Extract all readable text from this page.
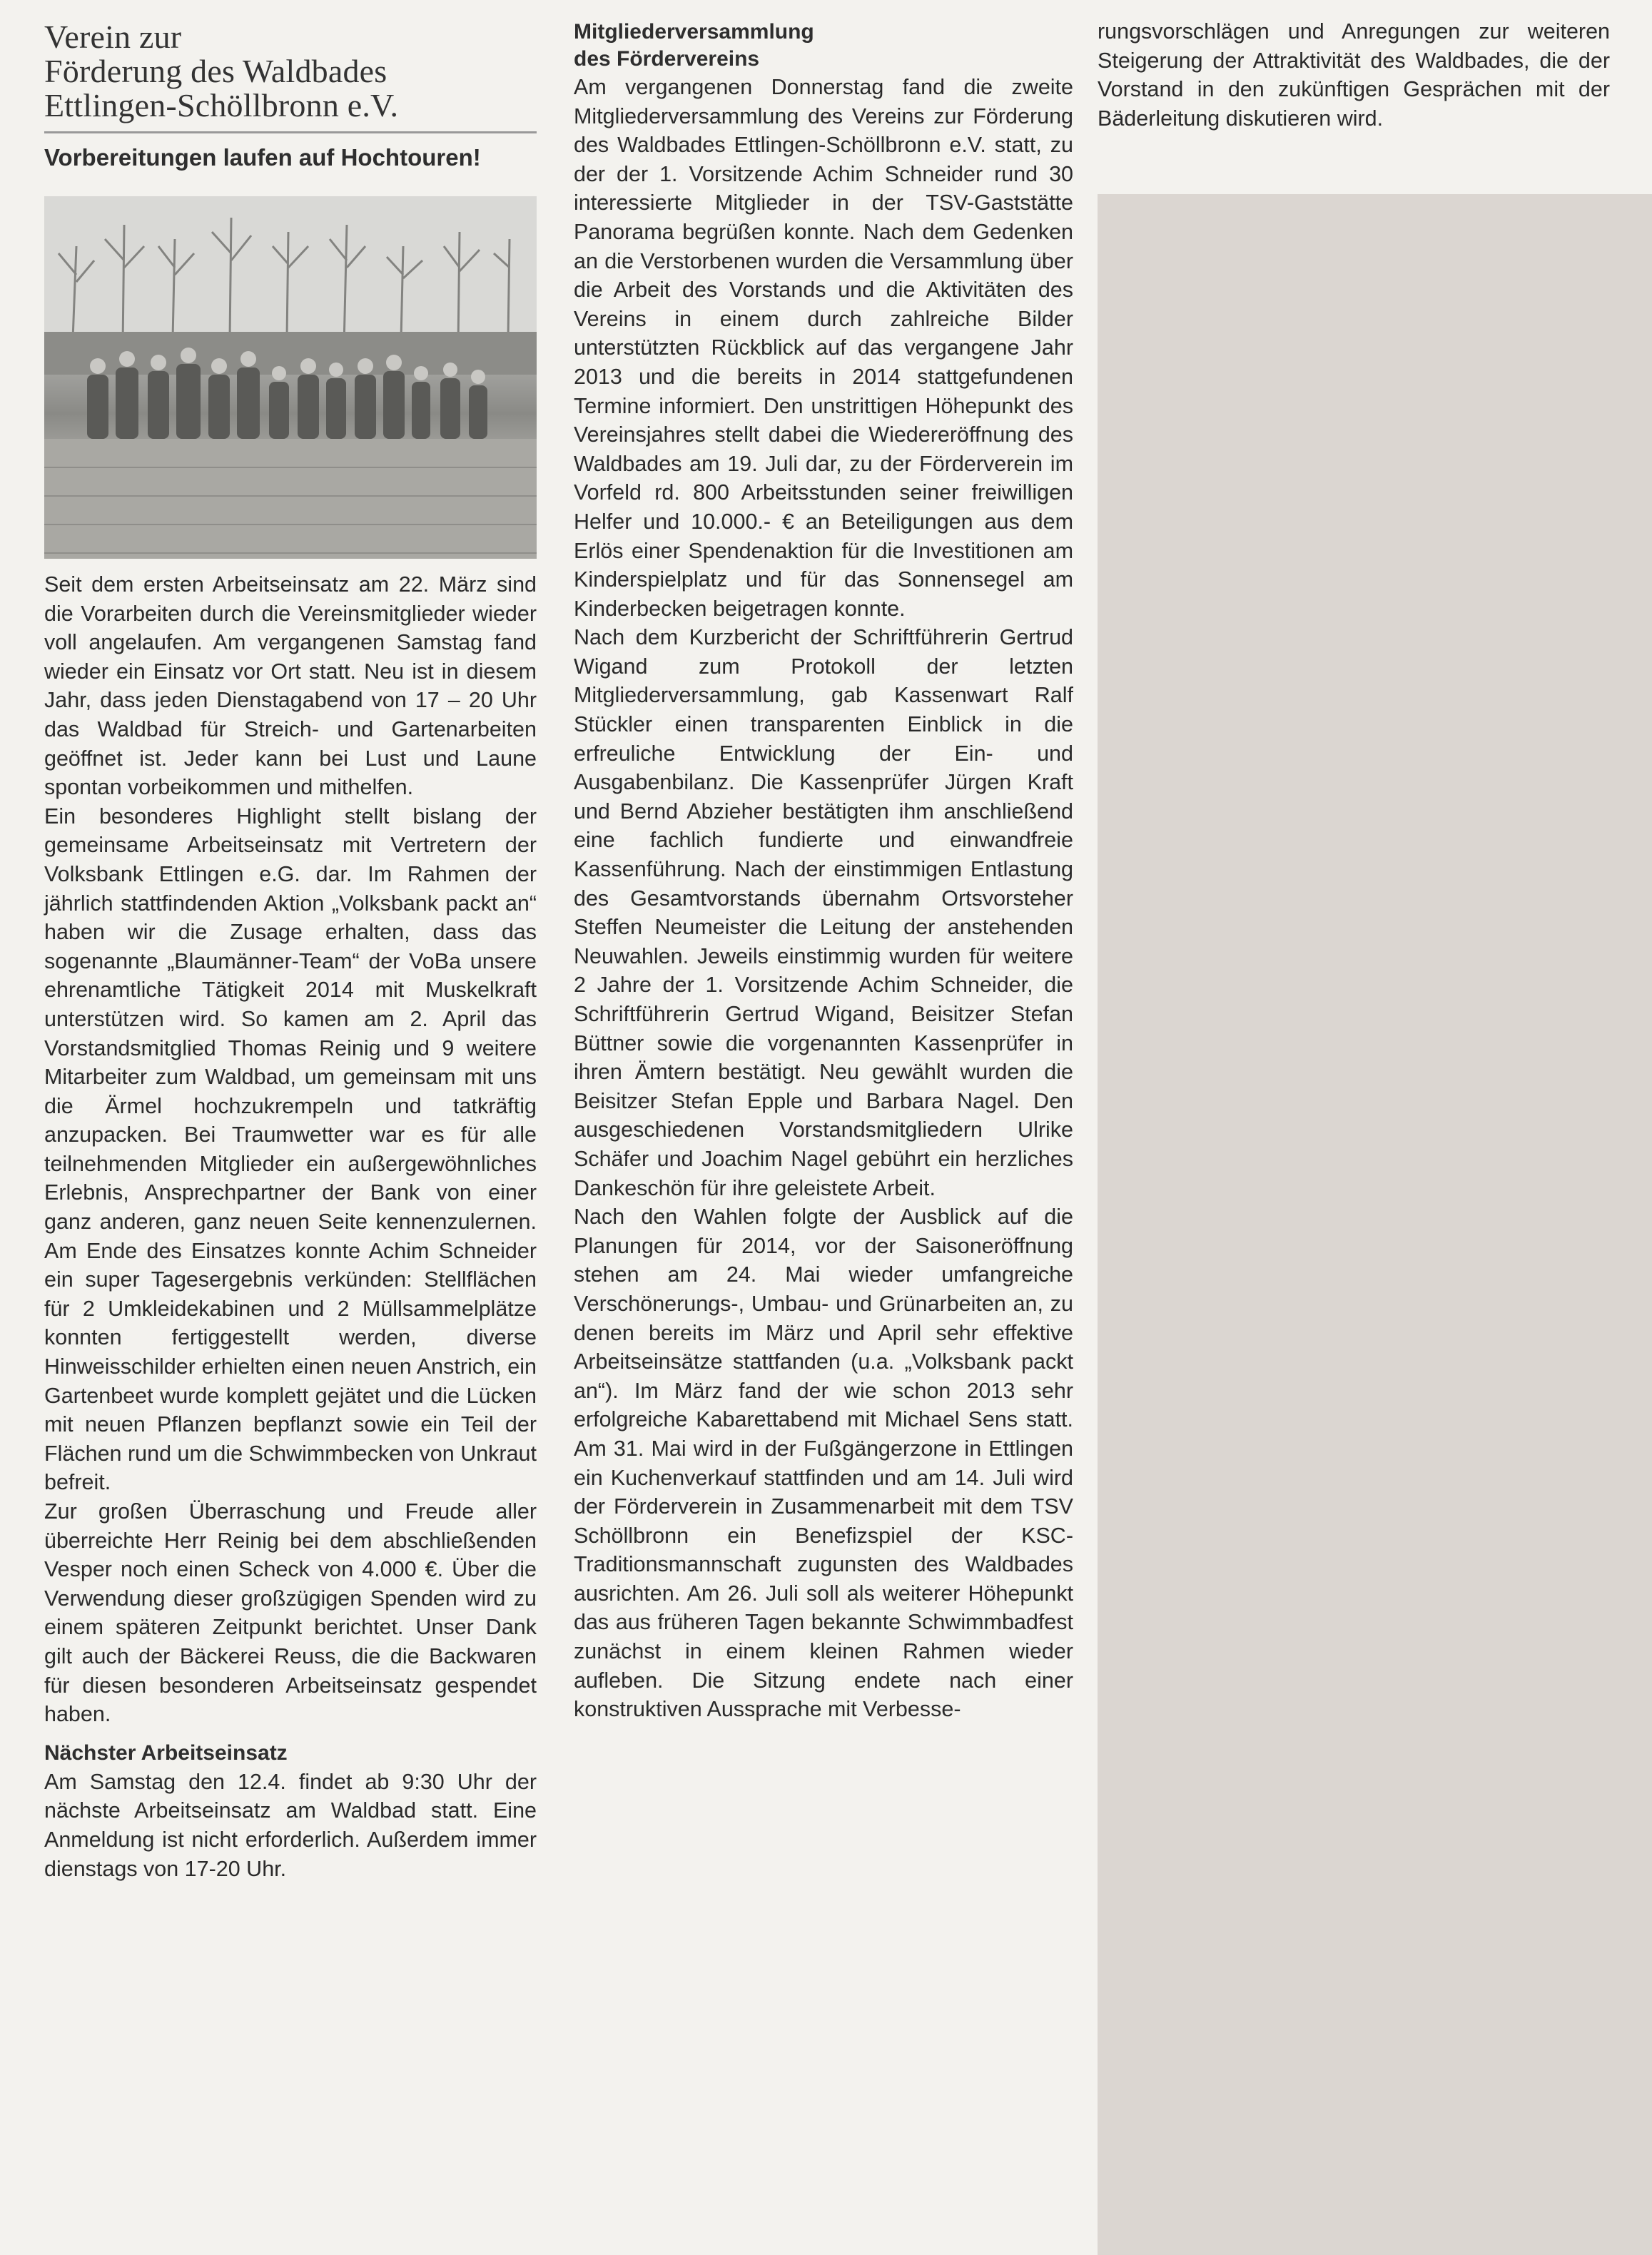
Verein zur
Förderung des Waldbades
Ettlingen-Schöllbronn e.V.
Vorbereitungen laufen auf Hochtouren!

Seit dem ersten Arbeitseinsatz am 22. März sind die Vorarbeiten durch die Vereinsmitglieder wieder voll angelaufen. Am vergangenen Samstag fand wieder ein Einsatz vor Ort statt. Neu ist in diesem Jahr, dass jeden Dienstagabend von 17 – 20 Uhr das Waldbad für Streich- und Gartenarbeiten geöffnet ist. Jeder kann bei Lust und Laune spontan vorbeikommen und mithelfen.

Ein besonderes Highlight stellt bislang der gemeinsame Arbeitseinsatz mit Vertretern der Volksbank Ettlingen e.G. dar. Im Rahmen der jährlich stattfindenden Aktion „Volksbank packt an“ haben wir die Zusage erhalten, dass das sogenannte „Blaumänner-Team“ der VoBa unsere ehrenamtliche Tätigkeit 2014 mit Muskelkraft unterstützen wird. So kamen am 2. April das Vorstandsmitglied Thomas Reinig und 9 weitere Mitarbeiter zum Waldbad, um gemeinsam mit uns die Ärmel hochzukrempeln und tatkräftig anzupacken. Bei Traumwetter war es für alle teilnehmenden Mitglieder ein außergewöhnliches Erlebnis, Ansprechpartner der Bank von einer ganz anderen, ganz neuen Seite kennenzulernen. Am Ende des Einsatzes konnte Achim Schneider ein super Tagesergebnis verkünden: Stellflächen für 2 Umkleidekabinen und 2 Müllsammelplätze konnten fertiggestellt werden, diverse Hinweisschilder erhielten einen neuen Anstrich, ein Gartenbeet wurde komplett gejätet und die Lücken mit neuen Pflanzen bepflanzt sowie ein Teil der Flächen rund um die Schwimmbecken von Unkraut befreit.

Zur großen Überraschung und Freude aller überreichte Herr Reinig bei dem abschließenden Vesper noch einen Scheck von 4.000 €. Über die Verwendung dieser großzügigen Spenden wird zu einem späteren Zeitpunkt berichtet. Unser Dank gilt auch der Bäckerei Reuss, die die Backwaren für diesen besonderen Arbeitseinsatz gespendet haben.

Nächster Arbeitseinsatz

Am Samstag den 12.4. findet ab 9:30 Uhr der nächste Arbeitseinsatz am Waldbad statt. Eine Anmeldung ist nicht erforderlich. Außerdem immer dienstags von 17-20 Uhr.

Mitgliederversammlung
des Fördervereins

Am vergangenen Donnerstag fand die zweite Mitgliederversammlung des Vereins zur Förderung des Waldbades Ettlingen-Schöllbronn e.V. statt, zu der der 1. Vorsitzende Achim Schneider rund 30 interessierte Mitglieder in der TSV-Gaststätte Panorama begrüßen konnte. Nach dem Gedenken an die Verstorbenen wurden die Versammlung über die Arbeit des Vorstands und die Aktivitäten des Vereins in einem durch zahlreiche Bilder unterstützten Rückblick auf das vergangene Jahr 2013 und die bereits in 2014 stattgefundenen Termine informiert. Den unstrittigen Höhepunkt des Vereinsjahres stellt dabei die Wiedereröffnung des Waldbades am 19. Juli dar, zu der Förderverein im Vorfeld rd. 800 Arbeitsstunden seiner freiwilligen Helfer und 10.000.- € an Beteiligungen aus dem Erlös einer Spendenaktion für die Investitionen am Kinderspielplatz und für das Sonnensegel am Kinderbecken beigetragen konnte.

Nach dem Kurzbericht der Schriftführerin Gertrud Wigand zum Protokoll der letzten Mitgliederversammlung, gab Kassenwart Ralf Stückler einen transparenten Einblick in die erfreuliche Entwicklung der Ein- und Ausgabenbilanz. Die Kassenprüfer Jürgen Kraft und Bernd Abzieher bestätigten ihm anschließend eine fachlich fundierte und einwandfreie Kassenführung. Nach der einstimmigen Entlastung des Gesamtvorstands übernahm Ortsvorsteher Steffen Neumeister die Leitung der anstehenden Neuwahlen. Jeweils einstimmig wurden für weitere 2 Jahre der 1. Vorsitzende Achim Schneider, die Schriftführerin Gertrud Wigand, Beisitzer Stefan Büttner sowie die vorgenannten Kassenprüfer in ihren Ämtern bestätigt. Neu gewählt wurden die Beisitzer Stefan Epple und Barbara Nagel. Den ausgeschiedenen Vorstandsmitgliedern Ulrike Schäfer und Joachim Nagel gebührt ein herzliches Dankeschön für ihre geleistete Arbeit.

Nach den Wahlen folgte der Ausblick auf die Planungen für 2014, vor der Saisoneröffnung stehen am 24. Mai wieder umfangreiche Verschönerungs-, Umbau- und Grünarbeiten an, zu denen bereits im März und April sehr effektive Arbeitseinsätze stattfanden (u.a. „Volksbank packt an“). Im März fand der wie schon 2013 sehr erfolgreiche Kabarettabend mit Michael Sens statt. Am 31. Mai wird in der Fußgängerzone in Ettlingen ein Kuchenverkauf stattfinden und am 14. Juli wird der Förderverein in Zusammenarbeit mit dem TSV Schöllbronn ein Benefizspiel der KSC-Traditionsmannschaft zugunsten des Waldbades ausrichten. Am 26. Juli soll als weiterer Höhepunkt das aus früheren Tagen bekannte Schwimmbadfest zunächst in einem kleinen Rahmen wieder aufleben. Die Sitzung endete nach einer konstruktiven Aussprache mit Verbesse-

rungsvorschlägen und Anregungen zur weiteren Steigerung der Attraktivität des Waldbades, die der Vorstand in den zukünftigen Gesprächen mit der Bäderleitung diskutieren wird.
